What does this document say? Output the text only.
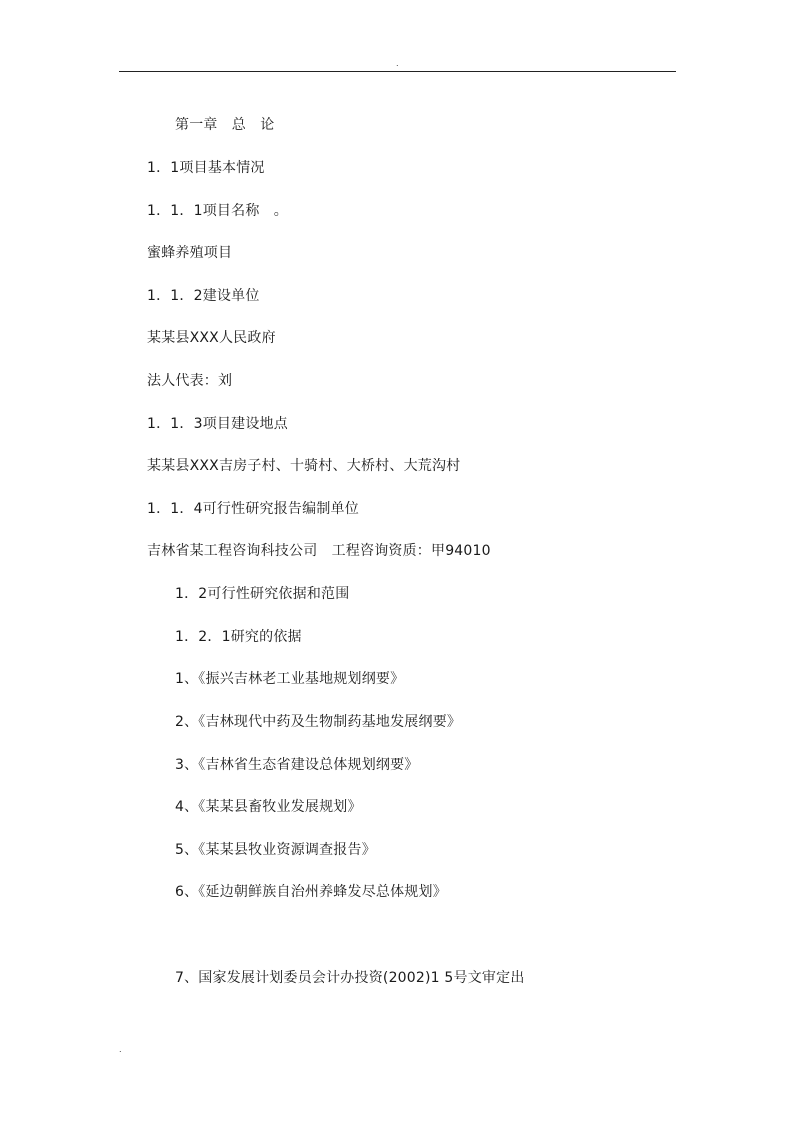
.
第一章　总　论
1．1项目基本情况
1．1．1项目名称　。
蜜蜂养殖项目
1．1．2建设单位
某某县XXX人民政府
法人代表：刘
1．1．3项目建设地点
某某县XXX吉房子村、十骑村、大桥村、大荒沟村
1．1．4可行性研究报告编制单位
吉林省某工程咨询科技公司　工程咨询资质：甲94010
1．2可行性研究依据和范围
1．2．1研究的依据
1、《振兴吉林老工业基地规划纲要》
2、《吉林现代中药及生物制药基地发展纲要》
3、《吉林省生态省建设总体规划纲要》
4、《某某县畜牧业发展规划》
5、《某某县牧业资源调查报告》
6、《延边朝鲜族自治州养蜂发尽总体规划》
7、国家发展计划委员会计办投资(2002)1 5号文审定出
.
